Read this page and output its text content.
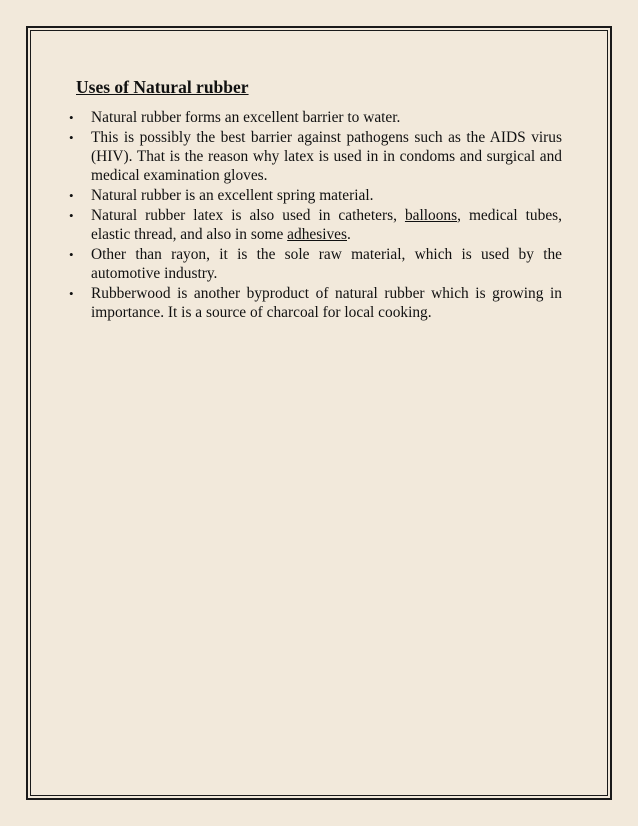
Uses of Natural rubber
• Natural rubber forms an excellent barrier to water.
• This is possibly the best barrier against pathogens such as the AIDS virus (HIV). That is the reason why latex is used in in condoms and surgical and medical examination gloves.
• Natural rubber is an excellent spring material.
• Natural rubber latex is also used in catheters, balloons, medical tubes, elastic thread, and also in some adhesives.
• Other than rayon, it is the sole raw material, which is used by the automotive industry.
• Rubberwood is another byproduct of natural rubber which is growing in importance. It is a source of charcoal for local cooking.
